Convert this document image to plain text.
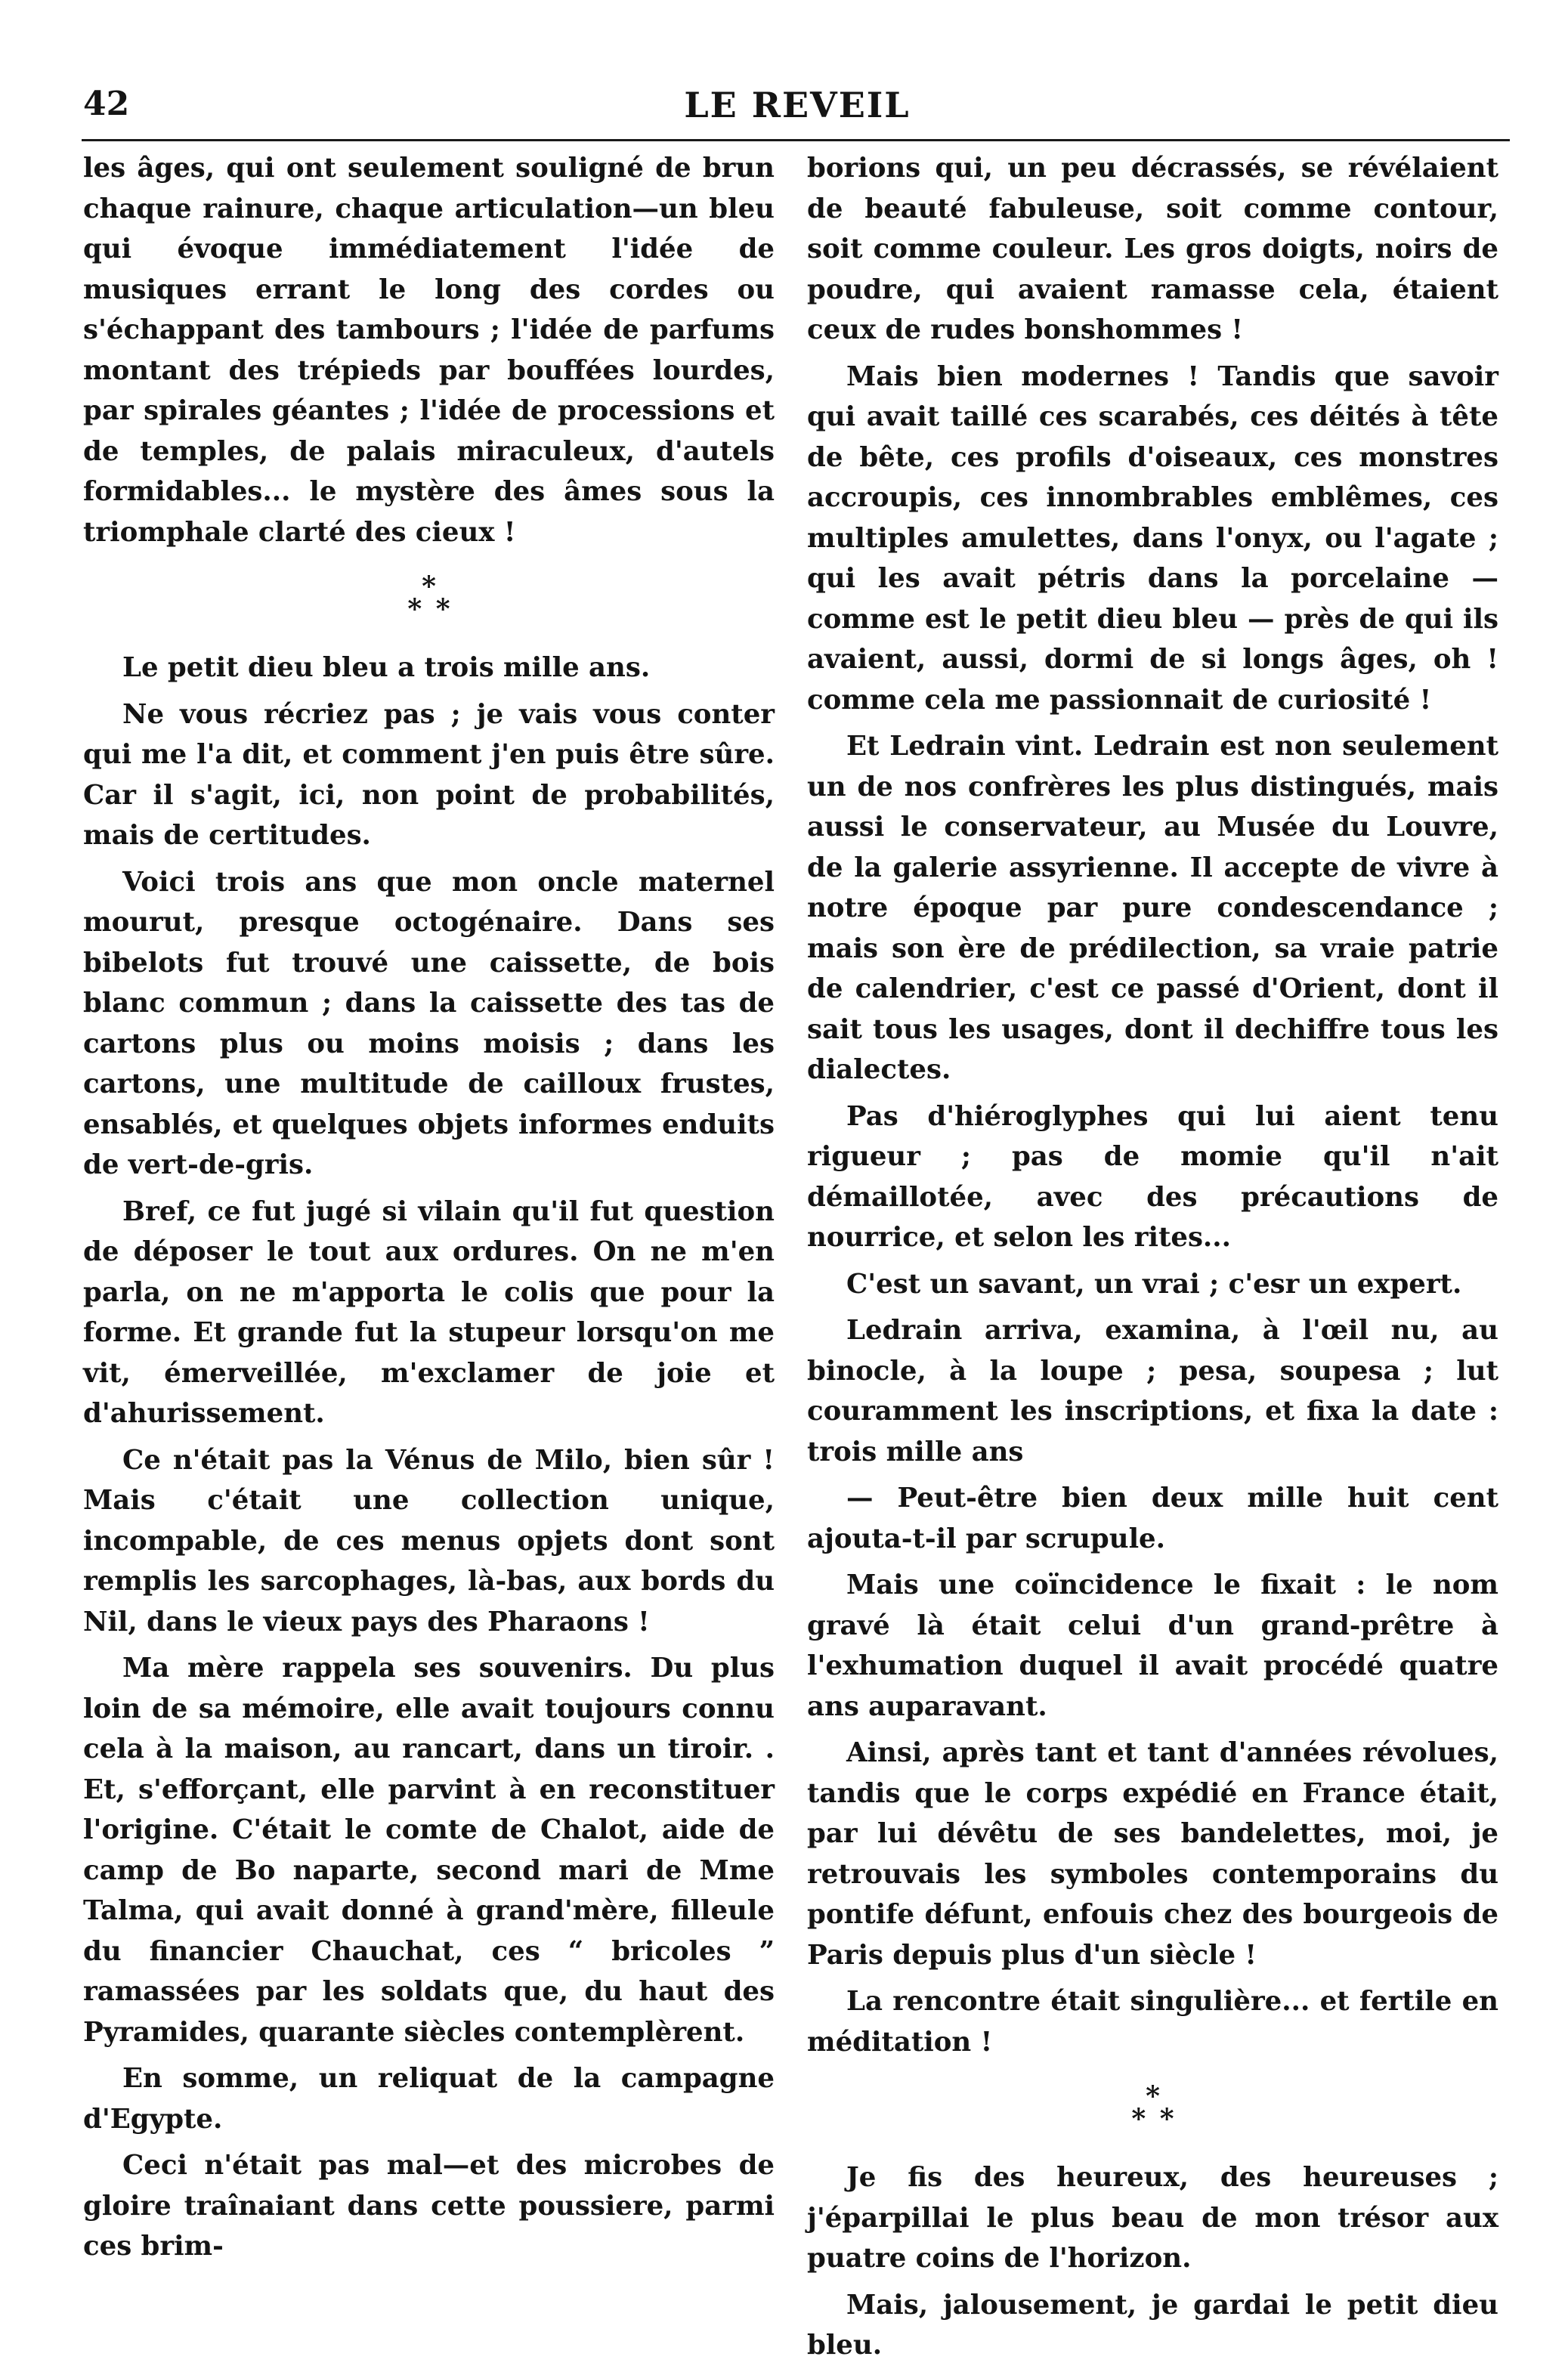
42	LE REVEIL

les âges, qui ont seulement souligné de brun chaque rainure, chaque articulation—un bleu qui évoque immédiatement l'idée de musiques errant le long des cordes ou s'échappant des tambours ; l'idée de parfums montant des trépieds par bouffées lourdes, par spirales géantes ; l'idée de processions et de temples, de palais miraculeux, d'autels formidables... le mystère des âmes sous la triomphale clarté des cieux !

*
* *

Le petit dieu bleu a trois mille ans.

Ne vous récriez pas ; je vais vous conter qui me l'a dit, et comment j'en puis être sûre. Car il s'agit, ici, non point de probabilités, mais de certitudes.

Voici trois ans que mon oncle maternel mourut, presque octogénaire. Dans ses bibelots fut trouvé une caissette, de bois blanc commun ; dans la caissette des tas de cartons plus ou moins moisis ; dans les cartons, une multitude de cailloux frustes, ensablés, et quelques objets informes enduits de vert-de-gris.

Bref, ce fut jugé si vilain qu'il fut question de déposer le tout aux ordures. On ne m'en parla, on ne m'apporta le colis que pour la forme. Et grande fut la stupeur lorsqu'on me vit, émerveillée, m'exclamer de joie et d'ahurissement.

Ce n'était pas la Vénus de Milo, bien sûr ! Mais c'était une collection unique, incompable, de ces menus opjets dont sont remplis les sarcophages, là-bas, aux bords du Nil, dans le vieux pays des Pharaons !

Ma mère rappela ses souvenirs. Du plus loin de sa mémoire, elle avait toujours connu cela à la maison, au rancart, dans un tiroir. . Et, s'efforçant, elle parvint à en reconstituer l'origine. C'était le comte de Chalot, aide de camp de Bo naparte, second mari de Mme Talma, qui avait donné à grand'mère, filleule du financier Chauchat, ces “ bricoles ” ramassées par les soldats que, du haut des Pyramides, quarante siècles contemplèrent.

En somme, un reliquat de la campagne d'Egypte.

Ceci n'était pas mal—et des microbes de gloire traînaiant dans cette poussiere, parmi ces brim-

borions qui, un peu décrassés, se révélaient de beauté fabuleuse, soit comme contour, soit comme couleur. Les gros doigts, noirs de poudre, qui avaient ramasse cela, étaient ceux de rudes bonshommes !

Mais bien modernes ! Tandis que savoir qui avait taillé ces scarabés, ces déités à tête de bête, ces profils d'oiseaux, ces monstres accroupis, ces innombrables emblêmes, ces multiples amulettes, dans l'onyx, ou l'agate ; qui les avait pétris dans la porcelaine — comme est le petit dieu bleu — près de qui ils avaient, aussi, dormi de si longs âges, oh ! comme cela me passionnait de curiosité !

Et Ledrain vint. Ledrain est non seulement un de nos confrères les plus distingués, mais aussi le conservateur, au Musée du Louvre, de la galerie assyrienne. Il accepte de vivre à notre époque par pure condescendance ; mais son ère de prédilection, sa vraie patrie de calendrier, c'est ce passé d'Orient, dont il sait tous les usages, dont il dechiffre tous les dialectes.

Pas d'hiéroglyphes qui lui aient tenu rigueur ; pas de momie qu'il n'ait démaillotée, avec des précautions de nourrice, et selon les rites...

C'est un savant, un vrai ; c'esr un expert.

Ledrain arriva, examina, à l'œil nu, au binocle, à la loupe ; pesa, soupesa ; lut couramment les inscriptions, et fixa la date : trois mille ans

— Peut-être bien deux mille huit cent ajouta-t-il par scrupule.

Mais une coïncidence le fixait : le nom gravé là était celui d'un grand-prêtre à l'exhumation duquel il avait procédé quatre ans auparavant.

Ainsi, après tant et tant d'années révolues, tandis que le corps expédié en France était, par lui dévêtu de ses bandelettes, moi, je retrouvais les symboles contemporains du pontife défunt, enfouis chez des bourgeois de Paris depuis plus d'un siècle !

La rencontre était singulière... et fertile en méditation !

*
* *

Je fis des heureux, des heureuses ; j'éparpillai le plus beau de mon trésor aux puatre coins de l'horizon.

Mais, jalousement, je gardai le petit dieu bleu.
